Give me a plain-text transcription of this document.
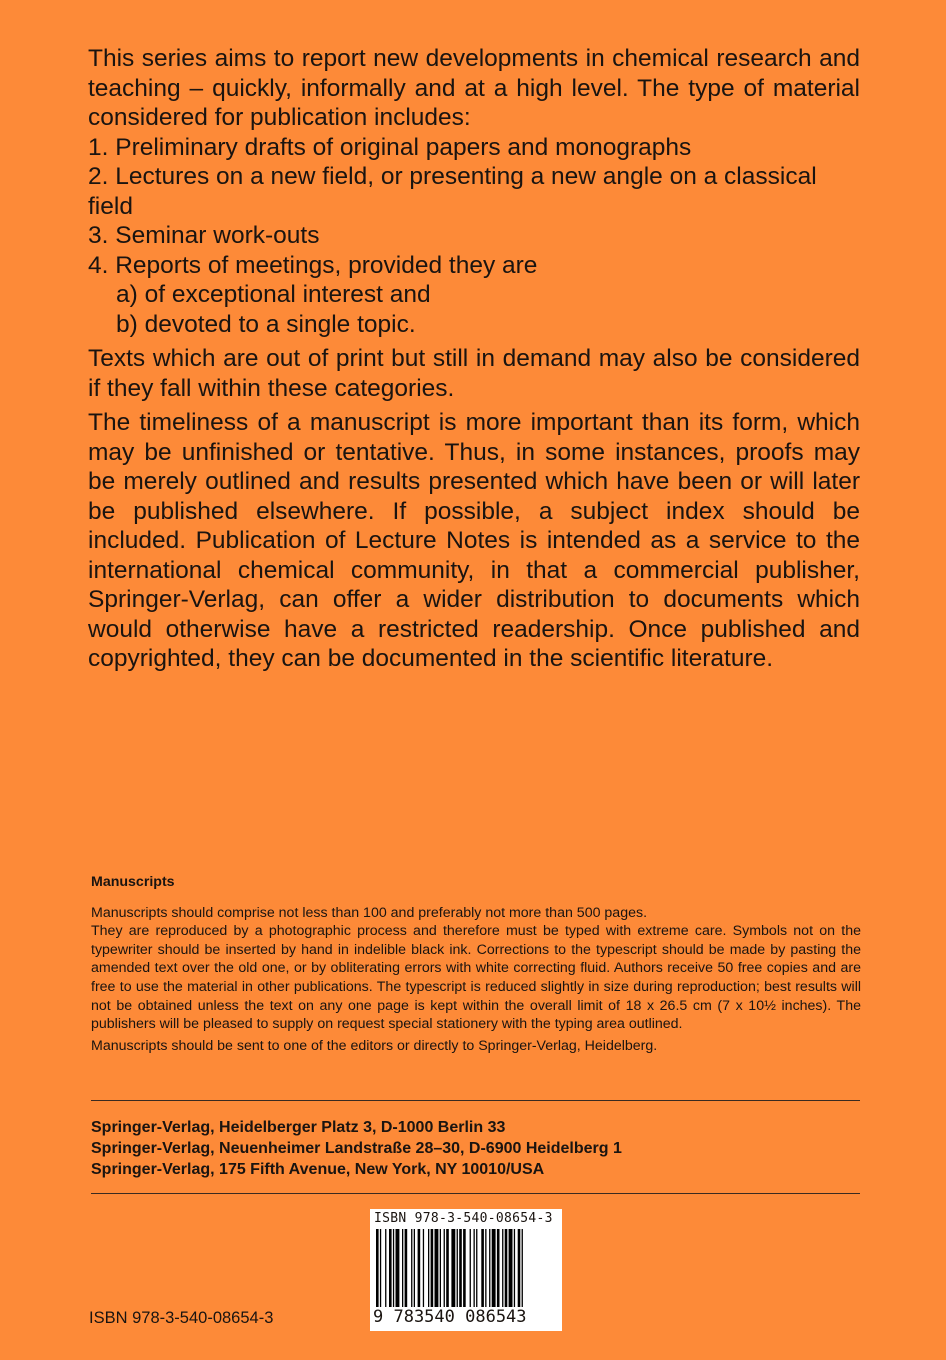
This series aims to report new developments in chemical research and teaching – quickly, informally and at a high level. The type of material considered for publication includes:

1. Preliminary drafts of original papers and monographs

2. Lectures on a new field, or presenting a new angle on a classical field

3. Seminar work-outs

4. Reports of meetings, provided they are

a) of exceptional interest and

b) devoted to a single topic.

Texts which are out of print but still in demand may also be considered if they fall within these categories.

The timeliness of a manuscript is more important than its form, which may be unfinished or tentative. Thus, in some instances, proofs may be merely outlined and results presented which have been or will later be published elsewhere. If possible, a subject index should be included. Publication of Lecture Notes is intended as a service to the international chemical community, in that a commercial publisher, Springer-Verlag, can offer a wider distribution to documents which would otherwise have a restricted readership. Once published and copyrighted, they can be documented in the scientific literature.

Manuscripts

Manuscripts should comprise not less than 100 and preferably not more than 500 pages.

They are reproduced by a photographic process and therefore must be typed with extreme care. Symbols not on the typewriter should be inserted by hand in indelible black ink. Corrections to the typescript should be made by pasting the amended text over the old one, or by obliterating errors with white correcting fluid. Authors receive 50 free copies and are free to use the material in other publications. The typescript is reduced slightly in size during reproduction; best results will not be obtained unless the text on any one page is kept within the overall limit of 18 x 26.5 cm (7 x 10½ inches). The publishers will be pleased to supply on request special stationery with the typing area outlined.

Manuscripts should be sent to one of the editors or directly to Springer-Verlag, Heidelberg.

Springer-Verlag, Heidelberger Platz 3, D-1000 Berlin 33
Springer-Verlag, Neuenheimer Landstraße 28–30, D-6900 Heidelberg 1
Springer-Verlag, 175 Fifth Avenue, New York, NY 10010/USA
ISBN 978-3-540-08654-3
ISBN 978-3-540-08654-3
9 783540 086543
